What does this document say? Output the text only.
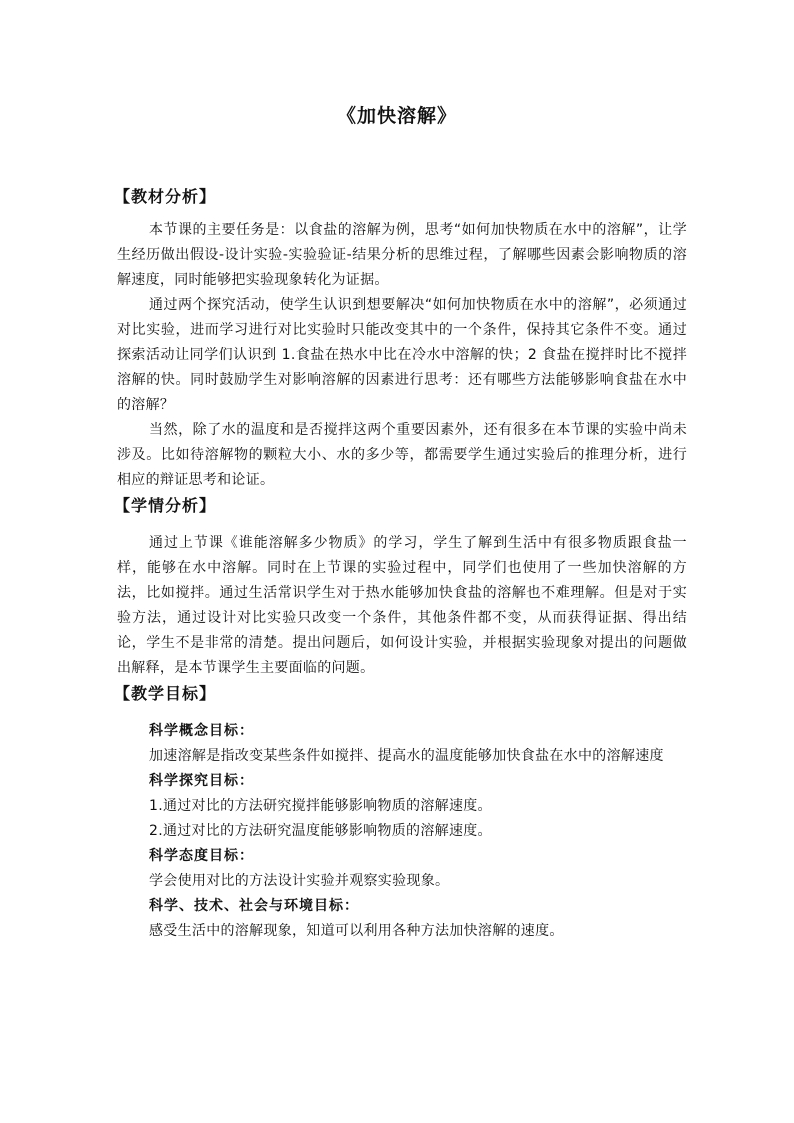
《加快溶解》
【教材分析】
本节课的主要任务是：以食盐的溶解为例，思考“如何加快物质在水中的溶解”，让学生经历做出假设-设计实验-实验验证-结果分析的思维过程，了解哪些因素会影响物质的溶解速度，同时能够把实验现象转化为证据。
通过两个探究活动，使学生认识到想要解决“如何加快物质在水中的溶解”，必须通过对比实验，进而学习进行对比实验时只能改变其中的一个条件，保持其它条件不变。通过探索活动让同学们认识到 1.食盐在热水中比在冷水中溶解的快；2 食盐在搅拌时比不搅拌溶解的快。同时鼓励学生对影响溶解的因素进行思考：还有哪些方法能够影响食盐在水中的溶解？
当然，除了水的温度和是否搅拌这两个重要因素外，还有很多在本节课的实验中尚未涉及。比如待溶解物的颗粒大小、水的多少等，都需要学生通过实验后的推理分析，进行相应的辩证思考和论证。
【学情分析】
通过上节课《谁能溶解多少物质》的学习，学生了解到生活中有很多物质跟食盐一样，能够在水中溶解。同时在上节课的实验过程中，同学们也使用了一些加快溶解的方法，比如搅拌。通过生活常识学生对于热水能够加快食盐的溶解也不难理解。但是对于实验方法，通过设计对比实验只改变一个条件，其他条件都不变，从而获得证据、得出结论，学生不是非常的清楚。提出问题后，如何设计实验，并根据实验现象对提出的问题做出解释，是本节课学生主要面临的问题。
【教学目标】
科学概念目标：
加速溶解是指改变某些条件如搅拌、提高水的温度能够加快食盐在水中的溶解速度
科学探究目标：
1.通过对比的方法研究搅拌能够影响物质的溶解速度。
2.通过对比的方法研究温度能够影响物质的溶解速度。
科学态度目标：
学会使用对比的方法设计实验并观察实验现象。
科学、技术、社会与环境目标：
感受生活中的溶解现象，知道可以利用各种方法加快溶解的速度。
